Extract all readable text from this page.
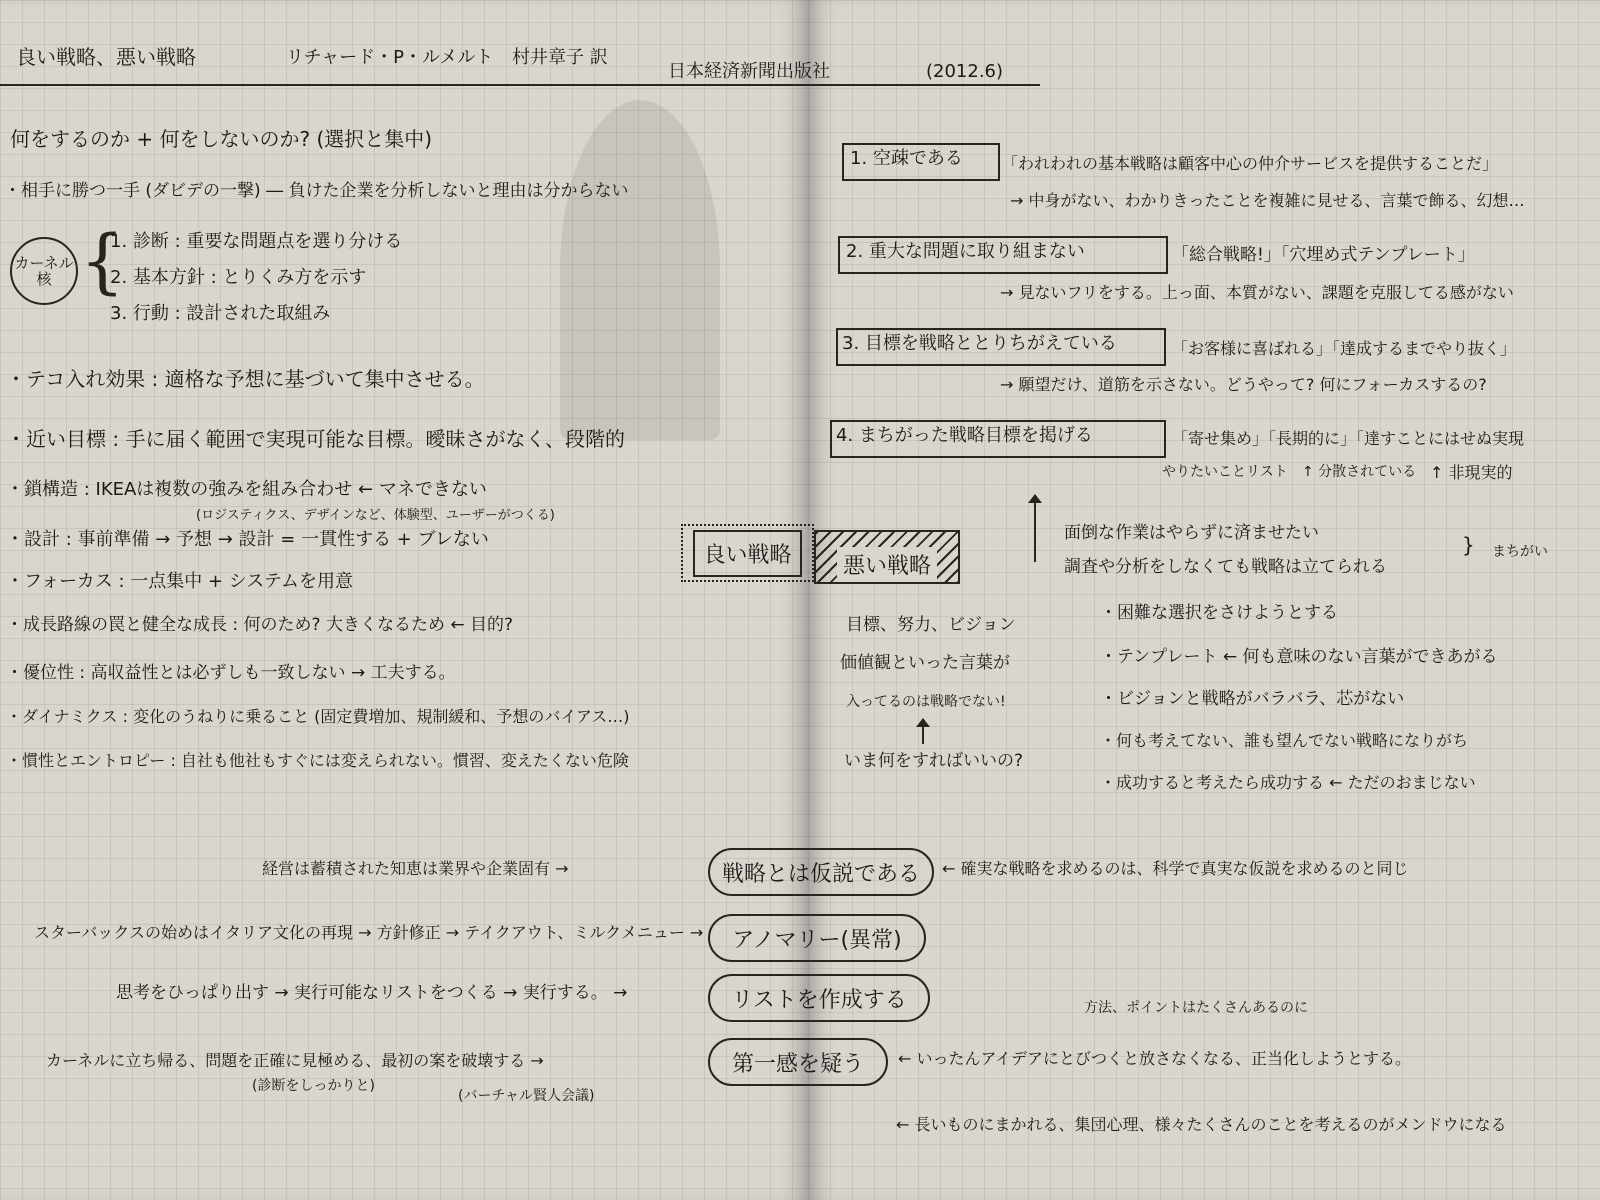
良い戦略、悪い戦略	リチャード・P・ルメルト 村井章子 訳
日本経済新聞出版社	(2012.6)
何をするのか + 何をしないのか? (選択と集中)
・相手に勝つ一手 (ダビデの一撃) ― 負けた企業を分析しないと理由は分からない
カーネル 核 {
1. 診断 : 重要な問題点を選り分ける
2. 基本方針 : とりくみ方を示す
3. 行動 : 設計された取組み
・テコ入れ効果 : 適格な予想に基づいて集中させる。
・近い目標 : 手に届く範囲で実現可能な目標。曖昧さがなく、段階的
・鎖構造 : IKEAは複数の強みを組み合わせ ← マネできない
(ロジスティクス、デザインなど、体験型、ユーザーがつくる)
・設計 : 事前準備 → 予想 → 設計 = 一貫性する + ブレない
・フォーカス : 一点集中 + システムを用意
・成長路線の罠と健全な成長 : 何のため? 大きくなるため ← 目的?
・優位性 : 高収益性とは必ずしも一致しない → 工夫する。
・ダイナミクス : 変化のうねりに乗ること (固定費増加、規制緩和、予想のバイアス…)
・慣性とエントロピー : 自社も他社もすぐには変えられない。慣習、変えたくない危険
良い戦略	悪い戦略
目標、努力、ビジョン
価値観といった言葉が
入ってるのは戦略でない!
いま何をすればいいの?
1. 空疎である 「われわれの基本戦略は顧客中心の仲介サービスを提供することだ」
→ 中身がない、わかりきったことを複雑に見せる、言葉で飾る、幻想…
2. 重大な問題に取り組まない	「総合戦略!」「穴埋め式テンプレート」
→ 見ないフリをする。上っ面、本質がない、課題を克服してる感がない
3. 目標を戦略ととりちがえている	「お客様に喜ばれる」「達成するまでやり抜く」
→ 願望だけ、道筋を示さない。どうやって? 何にフォーカスするの?
4. まちがった戦略目標を掲げる	「寄せ集め」「長期的に」「達すことにはせぬ実現
やりたいことリスト ↑ 分散されている ↑ 非現実的
面倒な作業はやらずに済ませたい
調査や分析をしなくても戦略は立てられる
} まちがい
・困難な選択をさけようとする
・テンプレート ← 何も意味のない言葉ができあがる
・ビジョンと戦略がバラバラ、芯がない
・何も考えてない、誰も望んでない戦略になりがち
・成功すると考えたら成功する ← ただのおまじない
経営は蓄積された知恵は業界や企業固有 →	戦略とは仮説である	← 確実な戦略を求めるのは、科学で真実な仮説を求めるのと同じ
スターバックスの始めはイタリア文化の再現 → 方針修正 → テイクアウト、ミルクメニュー →	アノマリー(異常)
思考をひっぱり出す → 実行可能なリストをつくる → 実行する。 →	リストを作成する	方法、ポイントはたくさんあるのに
カーネルに立ち帰る、問題を正確に見極める、最初の案を破壊する →	第一感を疑う	← いったんアイデアにとびつくと放さなくなる、正当化しようとする。
(診断をしっかりと)
(バーチャル賢人会議)
← 長いものにまかれる、集団心理、様々たくさんのことを考えるのがメンドウになる
